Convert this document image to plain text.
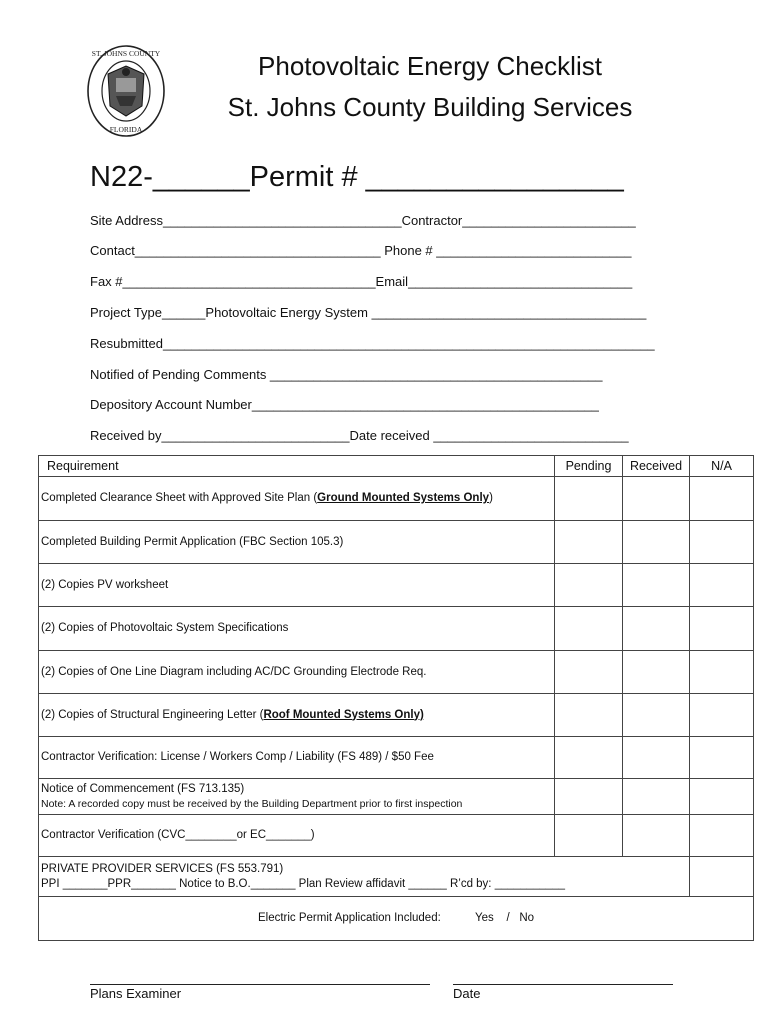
ST. JOHNS COUNTY
FLORIDA
Photovoltaic Energy Checklist
St. Johns County Building Services
N22-______Permit # ________________
Site Address_________________________________Contractor________________________
Contact__________________________________ Phone # ___________________________
Fax #___________________________________Email_______________________________
Project Type______Photovoltaic Energy System ______________________________________
Resubmitted____________________________________________________________________
Notified of Pending Comments ______________________________________________
Depository Account Number________________________________________________
Received by__________________________Date received ___________________________
Requirement	Pending	Received	N/A
Completed Clearance Sheet with Approved Site Plan (Ground Mounted Systems Only)			
Completed Building Permit Application (FBC Section 105.3)			
(2) Copies PV worksheet			
(2) Copies of Photovoltaic System Specifications			
(2) Copies of One Line Diagram including AC/DC Grounding Electrode Req.			
(2) Copies of Structural Engineering Letter (Roof Mounted Systems Only)			
Contractor Verification: License / Workers Comp / Liability (FS 489) / $50 Fee			

Notice of Commencement (FS 713.135)
Note: A recorded copy must be received by the Building Department prior to first inspection			

Contractor Verification (CVC________or EC_______)			

PRIVATE PROVIDER SERVICES (FS 553.791)
PPI _______PPR_______ Notice to B.O._______ Plan Review affidavit ______ R’cd by: ___________			

Electric Permit Application Included: Yes / No			
Plans Examiner	Date
